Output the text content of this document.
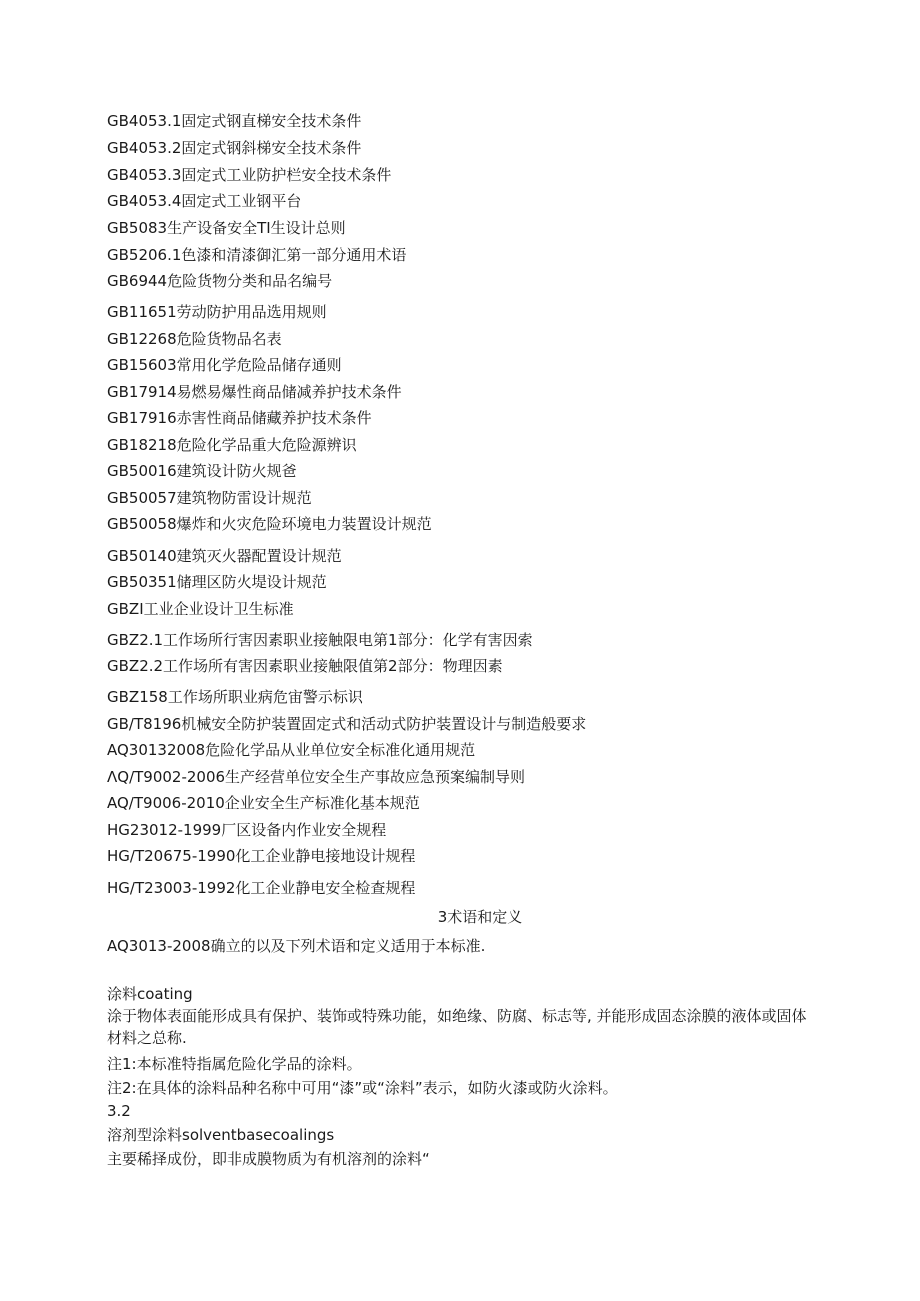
GB4053.1固定式钢直梯安全技术条件
GB4053.2固定式钢斜梯安全技术条件
GB4053.3固定式工业防护栏安全技术条件
GB4053.4固定式工业钢平台
GB5083生产设备安全TI生设计总则
GB5206.1色漆和清漆御汇第一部分通用术语
GB6944危险货物分类和品名编号
GB11651劳动防护用品选用规则
GB12268危险货物品名表
GB15603常用化学危险品储存通则
GB17914易燃易爆性商品储减养护技术条件
GB17916赤害性商品储藏养护技术条件
GB18218危险化学品重大危险源辨识
GB50016建筑设计防火规爸
GB50057建筑物防雷设计规范
GB50058爆炸和火灾危险环境电力装置设计规范
GB50140建筑灭火器配置设计规范
GB50351储理区防火堤设计规范
GBZI工业企业设计卫生标准
GBZ2.1工作场所行害因素职业接触限电第1部分：化学有害因索
GBZ2.2工作场所有害因素职业接触限值第2部分：物理因素
GBZ158工作场所职业病危宙警示标识
GB/T8196机械安全防护装置固定式和活动式防护装置设计与制造般要求
AQ30132008危险化学品从业单位安全标准化通用规范
ΛQ/T9002-2006生产经营单位安全生产事故应急预案编制导则
AQ/T9006-2010企业安全生产标准化基本规范
HG23012-1999厂区设备内作业安全规程
HG/T20675-1990化工企业静电接地设计规程
HG/T23003-1992化工企业静电安全检查规程
3术语和定义
AQ3013-2008确立的以及下列术语和定义适用于本标准.
涂料coating
涂于物体表面能形成具有保护、装饰或特殊功能，如绝缘、防腐、标志等, 并能形成固态涂膜的液体或固体材料之总称.
注1:本标准特指属危险化学品的涂料。
注2:在具体的涂料品种名称中可用“漆”或“涂料”表示，如防火漆或防火涂料。
3.2
溶剂型涂料solventbasecoalings
主要稀择成份，即非成膜物质为有机溶剂的涂料“
